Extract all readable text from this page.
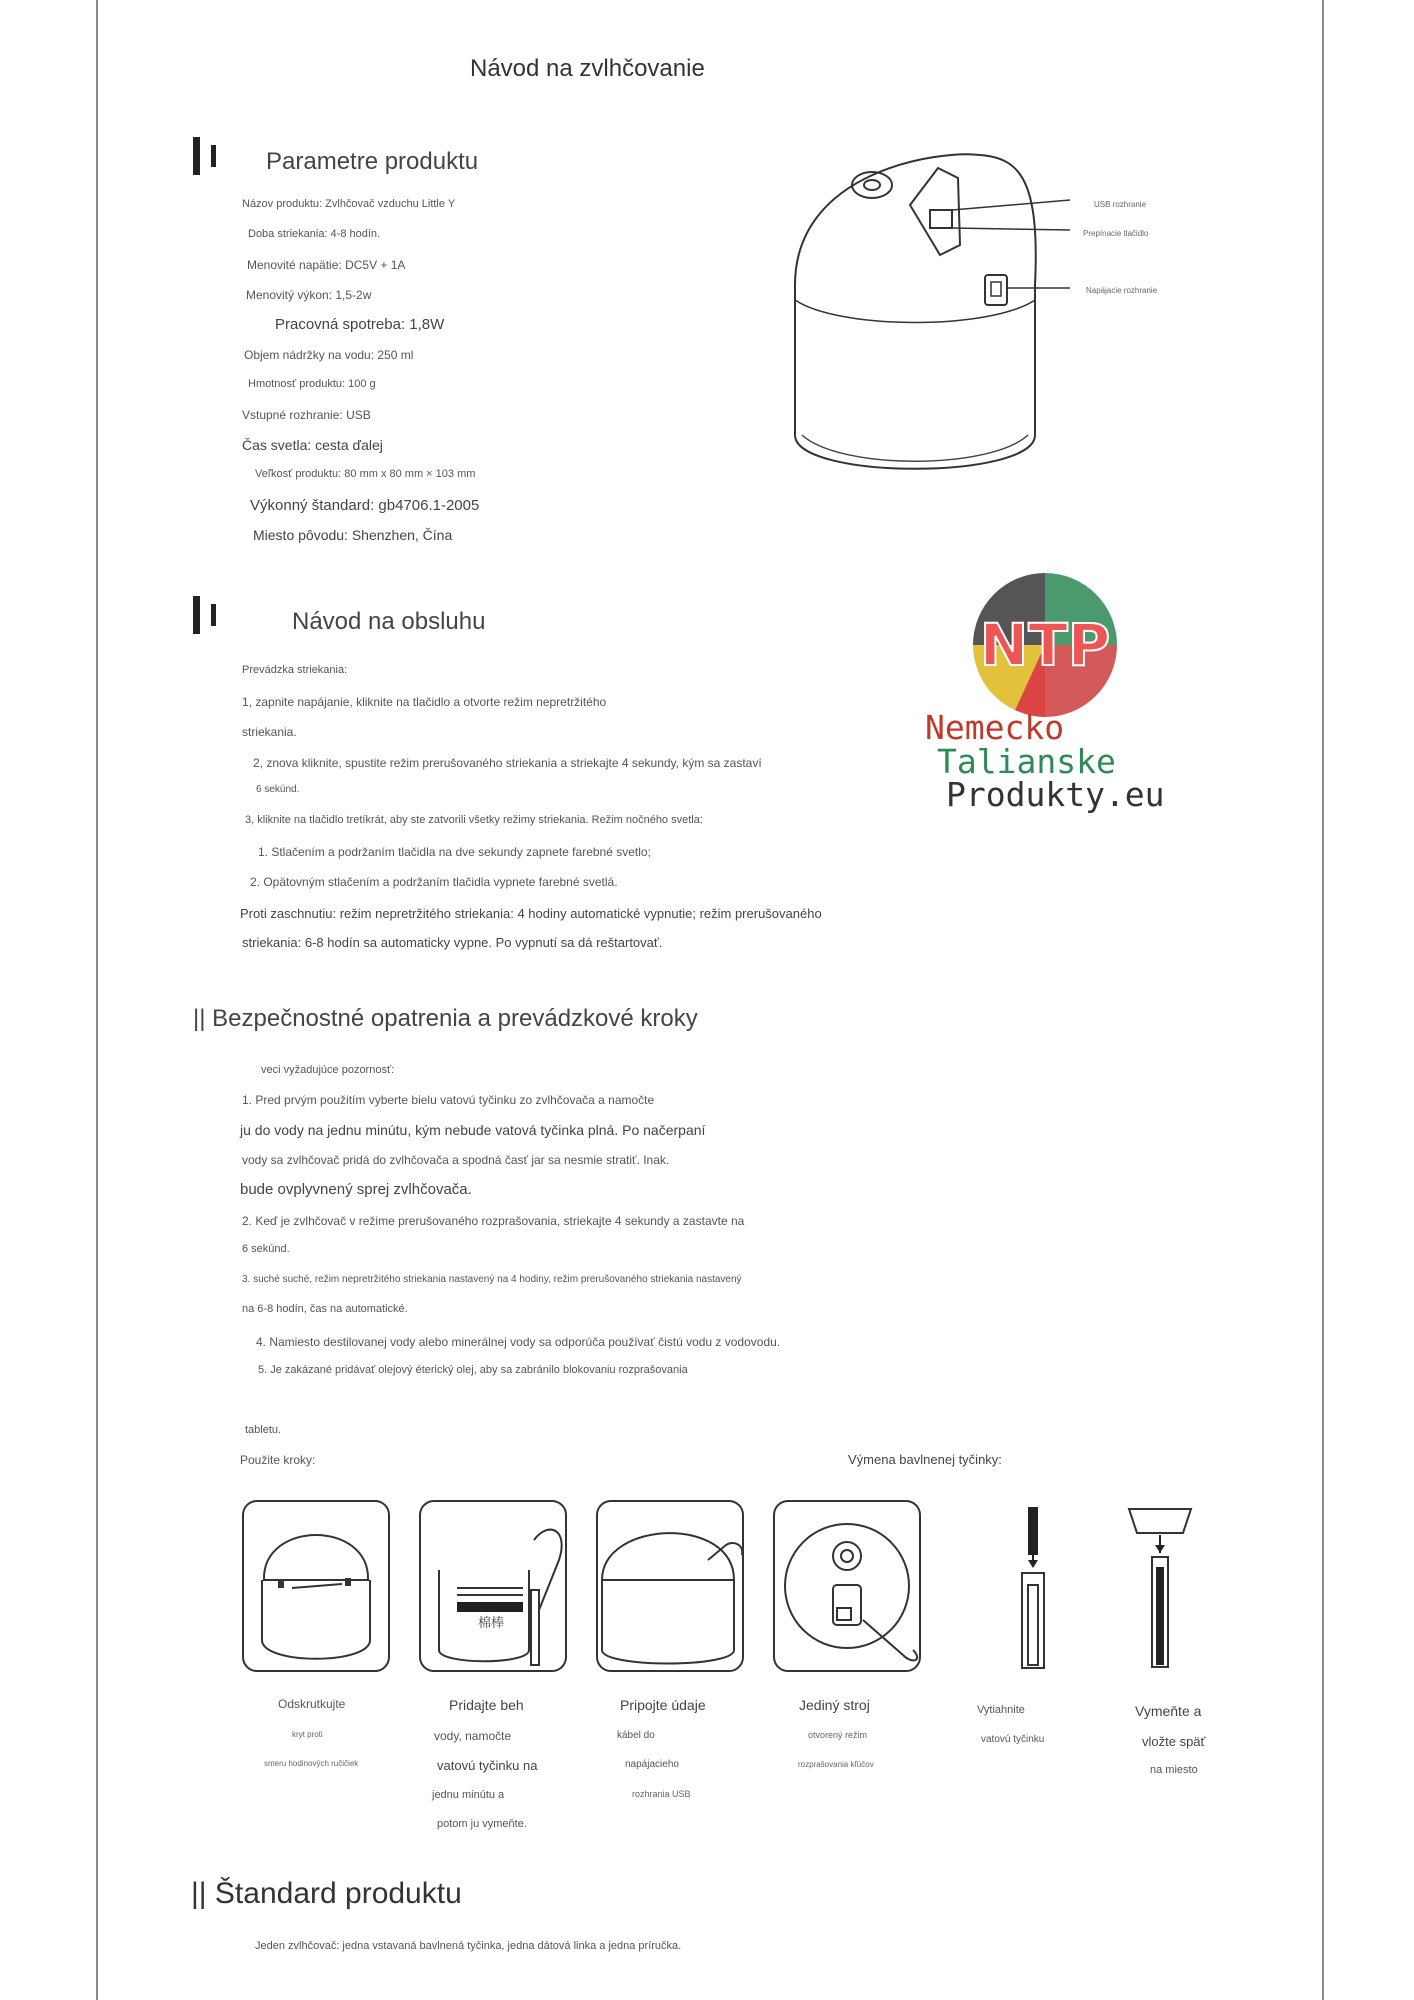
Návod na zvlhčovanie
Parametre produktu
Názov produktu: Zvlhčovač vzduchu Little Y
Doba striekania: 4-8 hodín.
Menovité napätie: DC5V + 1A
Menovitý výkon: 1,5-2w
Pracovná spotreba: 1,8W
Objem nádržky na vodu: 250 ml
Hmotnosť produktu: 100 g
Vstupné rozhranie: USB
Čas svetla: cesta ďalej
Veľkosť produktu: 80 mm x 80 mm × 103 mm
Výkonný štandard: gb4706.1-2005
Miesto pôvodu: Shenzhen, Čína
USB rozhranie
Prepínacie tlačidlo
Napájacie rozhranie
NTP
Nemecko
Talianske
Produkty.eu
Návod na obsluhu
Prevádzka striekania:
1, zapnite napájanie, kliknite na tlačidlo a otvorte režim nepretržitého
striekania.
2, znova kliknite, spustite režim prerušovaného striekania a striekajte 4 sekundy, kým sa zastaví
6 sekúnd.
3, kliknite na tlačidlo tretíkrát, aby ste zatvorili všetky režimy striekania. Režim nočného svetla:
1. Stlačením a podržaním tlačidla na dve sekundy zapnete farebné svetlo;
2. Opätovným stlačením a podržaním tlačidla vypnete farebné svetlá.
Proti zaschnutiu: režim nepretržitého striekania: 4 hodiny automatické vypnutie; režim prerušovaného
striekania: 6-8 hodín sa automaticky vypne. Po vypnutí sa dá reštartovať.
|| Bezpečnostné opatrenia a prevádzkové kroky
veci vyžadujúce pozornosť:
1. Pred prvým použitím vyberte bielu vatovú tyčinku zo zvlhčovača a namočte
ju do vody na jednu minútu, kým nebude vatová tyčinka plná. Po načerpaní
vody sa zvlhčovač pridá do zvlhčovača a spodná časť jar sa nesmie stratiť. Inak.
bude ovplyvnený sprej zvlhčovača.
2. Keď je zvlhčovač v režime prerušovaného rozprašovania, striekajte 4 sekundy a zastavte na
6 sekúnd.
3. suché suché, režim nepretržitého striekania nastavený na 4 hodiny, režim prerušovaného striekania nastavený
na 6-8 hodín, čas na automatické.
4. Namiesto destilovanej vody alebo minerálnej vody sa odporúča používať čistú vodu z vodovodu.
5. Je zakázané pridávať olejový éterický olej, aby sa zabránilo blokovaniu rozprašovania
tabletu.
Použite kroky:	Výmena bavlnenej tyčinky:
棉棒
Odskrutkujte
kryt proti
smeru hodinových ručičiek
Pridajte beh
vody, namočte
vatovú tyčinku na
jednu minútu a
potom ju vymeňte.
Pripojte údaje
kábel do
napájacieho
rozhrania USB
Jediný stroj
otvorený režim
rozprašovania kľúčov
Vytiahnite
vatovú tyčinku
Vymeňte a
vložte späť
na miesto
|| Štandard produktu
Jeden zvlhčovač: jedna vstavaná bavlnená tyčinka, jedna dátová linka a jedna príručka.
